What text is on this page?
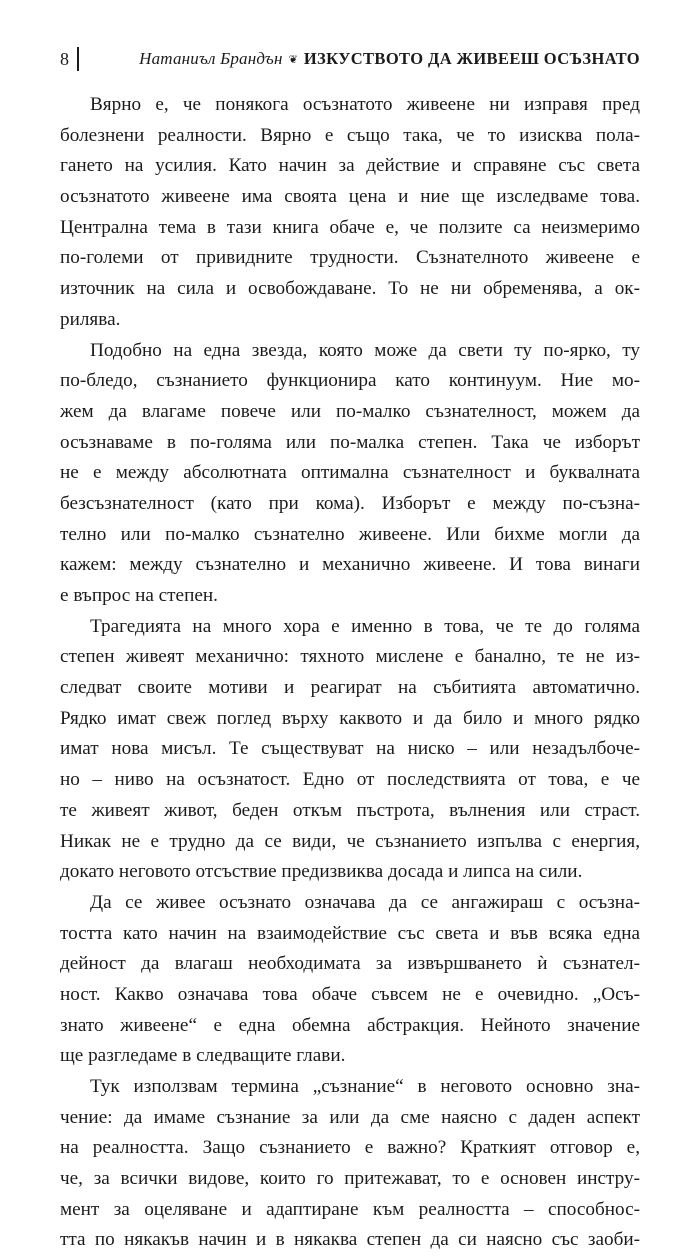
8	Натаниъл Брандън ❦ ИЗКУСТВОТО ДА ЖИВЕЕШ ОСЪЗНАТО
Вярно е, че понякога осъзнатото живеене ни изправя пред
болезнени реалности. Вярно е също така, че то изисква пола-
гането на усилия. Като начин за действие и справяне със света
осъзнатото живеене има своята цена и ние ще изследваме това.
Централна тема в тази книга обаче е, че ползите са неизмеримо
по-големи от привидните трудности. Съзнателното живеене е
източник на сила и освобождаване. То не ни обременява, а ок-
рилява.
Подобно на една звезда, която може да свети ту по-ярко, ту
по-бледо, съзнанието функционира като континуум. Ние мо-
жем да влагаме повече или по-малко съзнателност, можем да
осъзнаваме в по-голяма или по-малка степен. Така че изборът
не е между абсолютната оптимална съзнателност и буквалната
безсъзнателност (като при кома). Изборът е между по-съзна-
телно или по-малко съзнателно живеене. Или бихме могли да
кажем: между съзнателно и механично живеене. И това винаги
е въпрос на степен.
Трагедията на много хора е именно в това, че те до голяма
степен живеят механично: тяхното мислене е банално, те не из-
следват своите мотиви и реагират на събитията автоматично.
Рядко имат свеж поглед върху каквото и да било и много рядко
имат нова мисъл. Те съществуват на ниско – или незадълбоче-
но – ниво на осъзнатост. Едно от последствията от това, е че
те живеят живот, беден откъм пъстрота, вълнения или страст.
Никак не е трудно да се види, че съзнанието изпълва с енергия,
докато неговото отсъствие предизвиква досада и липса на сили.
Да се живее осъзнато означава да се ангажираш с осъзна-
тостта като начин на взаимодействие със света и във всяка една
дейност да влагаш необходимата за извършването ѝ съзнател-
ност. Какво означава това обаче съвсем не е очевидно. „Осъ-
знато живеене“ е една обемна абстракция. Нейното значение
ще разгледаме в следващите глави.
Тук използвам термина „съзнание“ в неговото основно зна-
чение: да имаме съзнание за или да сме наясно с даден аспект
на реалността. Защо съзнанието е важно? Краткият отговор е,
че, за всички видове, които го притежават, то е основен инстру-
мент за оцеляване и адаптиране към реалността – способнос-
тта по някакъв начин и в някаква степен да си наясно със заоби-
